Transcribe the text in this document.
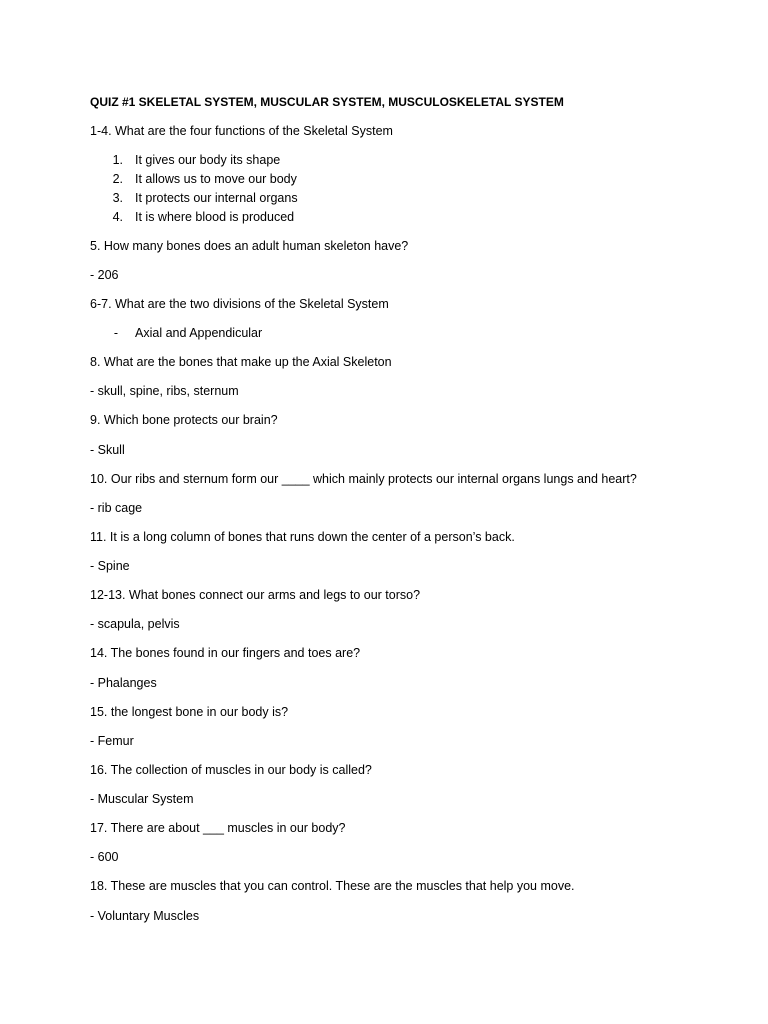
QUIZ #1 SKELETAL SYSTEM, MUSCULAR SYSTEM, MUSCULOSKELETAL SYSTEM
1-4. What are the four functions of the Skeletal System
1. It gives our body its shape
2. It allows us to move our body
3. It protects our internal organs
4. It is where blood is produced
5. How many bones does an adult human skeleton have?
- 206
6-7. What are the two divisions of the Skeletal System
-	Axial and Appendicular
8. What are the bones that make up the Axial Skeleton
- skull, spine, ribs, sternum
9. Which bone protects our brain?
- Skull
10. Our ribs and sternum form our ____ which mainly protects our internal organs lungs and heart?
- rib cage
11. It is a long column of bones that runs down the center of a person’s back.
- Spine
12-13. What bones connect our arms and legs to our torso?
- scapula, pelvis
14. The bones found in our fingers and toes are?
- Phalanges
15. the longest bone in our body is?
- Femur
16. The collection of muscles in our body is called?
- Muscular System
17. There are about ___ muscles in our body?
- 600
18. These are muscles that you can control. These are the muscles that help you move.
- Voluntary Muscles
